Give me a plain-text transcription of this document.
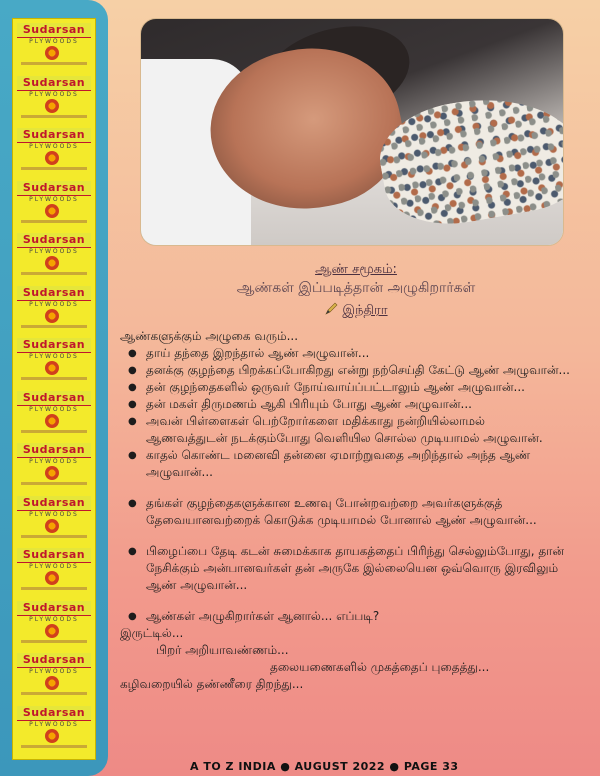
Sudarsan
PLYWOODS
Sudarsan
PLYWOODS
Sudarsan
PLYWOODS
Sudarsan
PLYWOODS
Sudarsan
PLYWOODS
Sudarsan
PLYWOODS
Sudarsan
PLYWOODS
Sudarsan
PLYWOODS
Sudarsan
PLYWOODS
Sudarsan
PLYWOODS
Sudarsan
PLYWOODS
Sudarsan
PLYWOODS
Sudarsan
PLYWOODS
Sudarsan
PLYWOODS
ஆண் சமூகம்:
ஆண்கள் இப்படித்தான் அழுகிறார்கள்
இந்திரா

ஆண்களுக்கும் அழுகை வரும்...

● தாய் தந்தை இறந்தால் ஆண் அழுவான்...
● தனக்கு குழந்தை பிறக்கப்போகிறது என்று நற்செய்தி கேட்டு ஆண் அழுவான்...
● தன் குழந்தைகளில் ஒருவர் நோய்வாய்ப்பட்டாலும் ஆண் அழுவான்...
● தன் மகள் திருமணம் ஆகி பிரியும் போது ஆண் அழுவான்...
● அவன் பிள்ளைகள் பெற்றோர்களை மதிக்காது நன்றியில்லாமல் ஆணவத்துடன் நடக்கும்போது வெளியில சொல்ல முடியாமல் அழுவான்.
● காதல் கொண்ட மனைவி தன்னை ஏமாற்றுவதை அறிந்தால் அந்த ஆண் அழுவான்...
● தங்கள் குழந்தைகளுக்கான உணவு போன்றவற்றை அவர்களுக்குத் தேவையானவற்றைக் கொடுக்க முடியாமல் போனால் ஆண் அழுவான்...
● பிழைப்பை தேடி கடன் சுமைக்காக தாயகத்தைப் பிரிந்து செல்லும்போது, தான் நேசிக்கும் அன்பானவர்கள் தன் அருகே இல்லையென ஒவ்வொரு இரவிலும் ஆண் அழுவான்...
● ஆண்கள் அழுகிறார்கள் ஆனால்... எப்படி?

இருட்டில்...

பிறர் அறியாவண்ணம்...

தலையணைகளில் முகத்தைப் புதைத்து...

கழிவறையில் தண்ணீரை திறந்து...

A TO Z INDIA ● AUGUST 2022 ● PAGE 33
